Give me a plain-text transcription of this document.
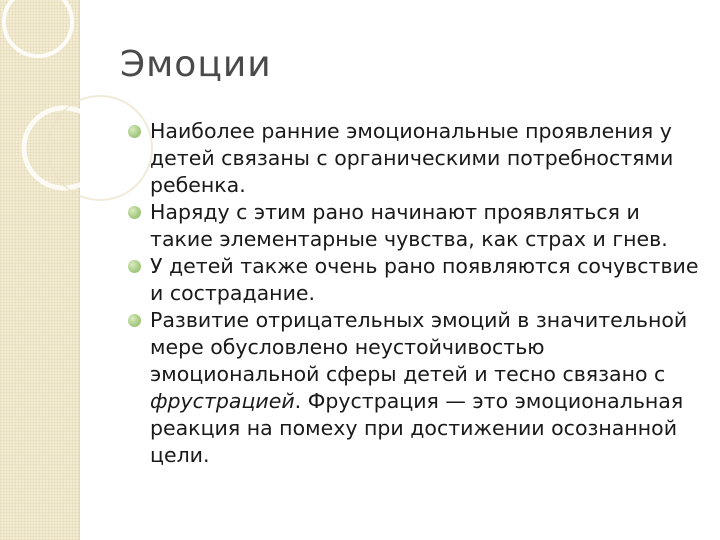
Эмоции
Наиболее ранние эмоциональные проявления у детей связаны с органическими потребностями ребенка.
Наряду с этим рано начинают проявляться и такие элементарные чувства, как страх и гнев.
У детей также очень рано появляются сочувствие и сострадание.
Развитие отрицательных эмоций в значительной мере обусловлено неустойчивостью эмоциональной сферы детей и тесно связано с фрустрацией. Фрустрация — это эмоциональная реакция на помеху при достижении осознанной цели.
